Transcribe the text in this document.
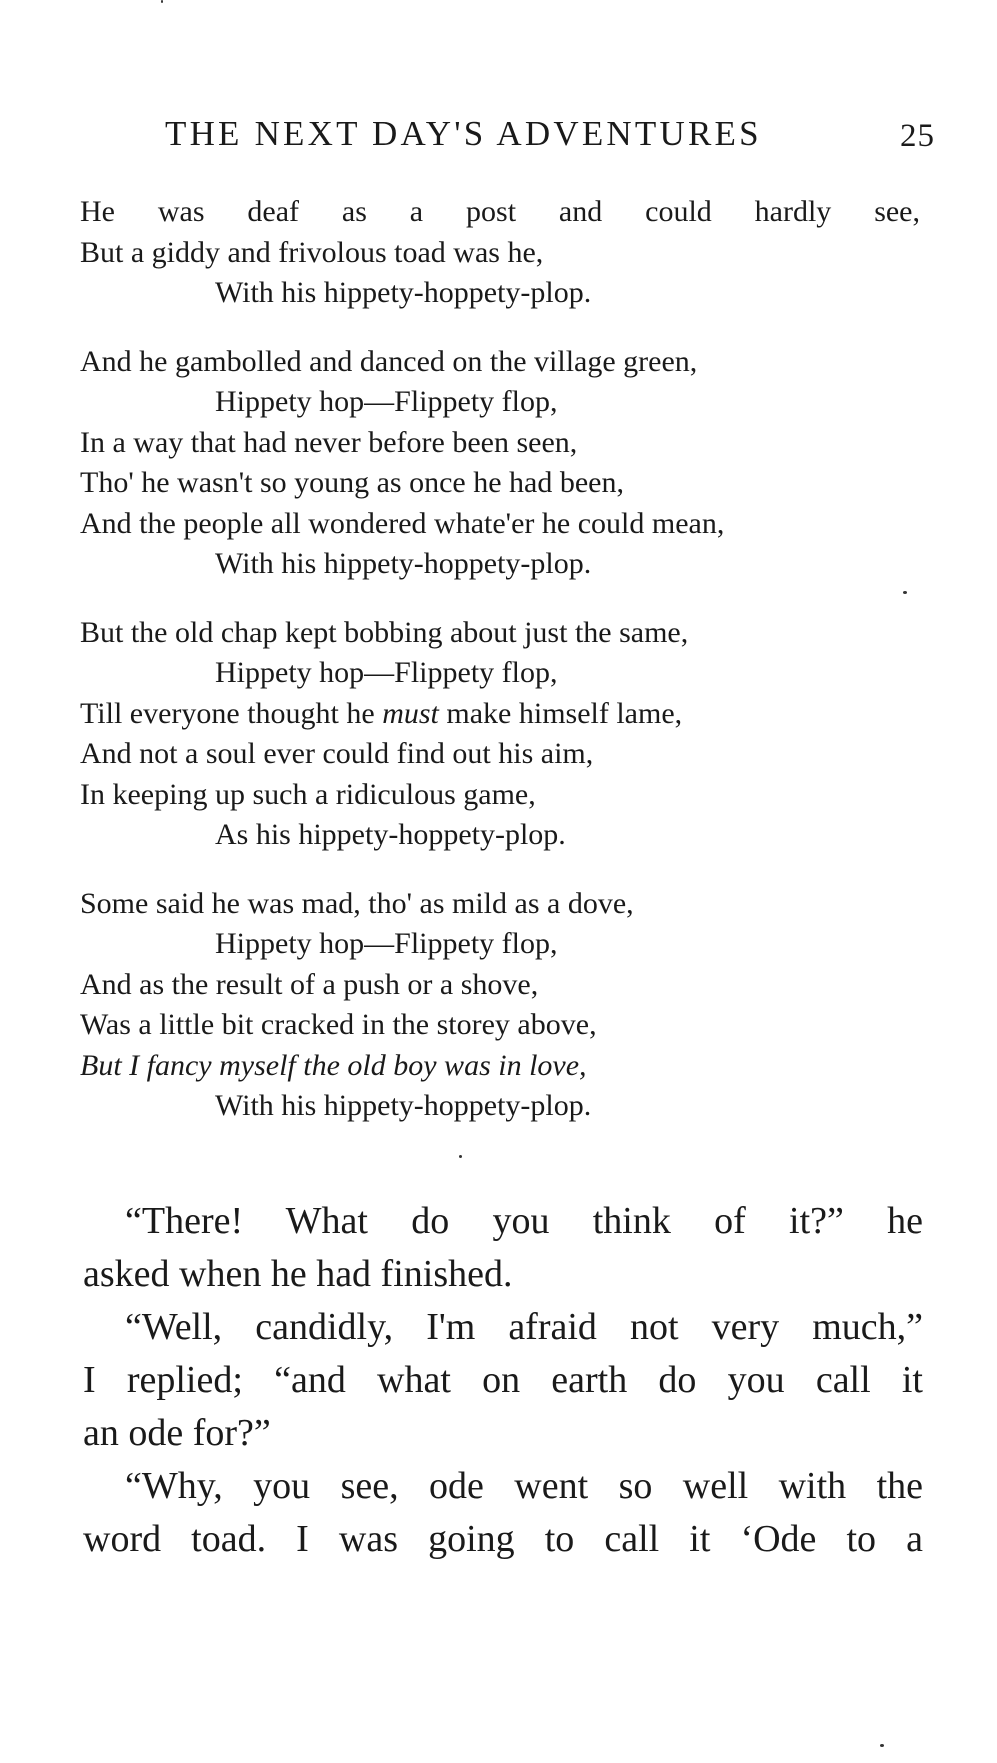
THE NEXT DAY'S ADVENTURES	25
He was deaf as a post and could hardly see,
But a giddy and frivolous toad was he,
With his hippety-hoppety-plop.
And he gambolled and danced on the village green,
Hippety hop—Flippety flop,
In a way that had never before been seen,
Tho' he wasn't so young as once he had been,
And the people all wondered whate'er he could mean,
With his hippety-hoppety-plop.
But the old chap kept bobbing about just the same,
Hippety hop—Flippety flop,
Till everyone thought he must make himself lame,
And not a soul ever could find out his aim,
In keeping up such a ridiculous game,
As his hippety-hoppety-plop.
Some said he was mad, tho' as mild as a dove,
Hippety hop—Flippety flop,
And as the result of a push or a shove,
Was a little bit cracked in the storey above,
But I fancy myself the old boy was in love,
With his hippety-hoppety-plop.
“There! What do you think of it?” he
asked when he had finished.
“Well, candidly, I'm afraid not very much,”
I replied; “and what on earth do you call it
an ode for?”
“Why, you see, ode went so well with the
word toad. I was going to call it ‘Ode to a
